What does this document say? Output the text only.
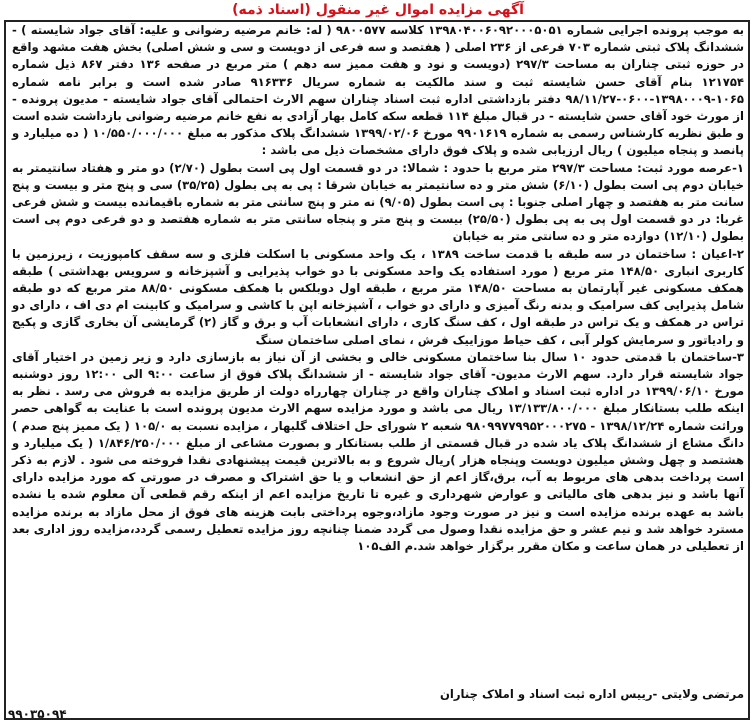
آگهی مزایده اموال غیر منقول (اسناد ذمه)

به موجب پرونده اجرایی شماره ۱۳۹۸۰۴۰۰۶۰۹۲۰۰۰۵۰۵۱ کلاسه ۹۸۰۰۵۷۷ ( له: خانم مرضیه رضوانی و علیه: آقای جواد شایسته ) - ششدانگ پلاک ثبتی شماره ۷۰۳ فرعی از ۲۳۶ اصلی ( هفتصد و سه فرعی از دویست و سی و شش اصلی) بخش هفت مشهد واقع در حوزه ثبتی چناران به مساحت ۲۹۷/۳ (دویست و نود و هفت ممیز سه دهم ) متر مربع در صفحه ۱۳۶ دفتر ۸۶۷ ذیل شماره ۱۲۱۷۵۴ بنام آقای حسن شایسته ثبت و سند مالکیت به شماره سریال ۹۱۶۳۳۶ صادر شده است و برابر نامه شماره ۱۰۶۵-۱۳۹۸۰۰۰۹-۰۶۰۰-۹۸/۱۱/۲۷ دفتر بازداشتی اداره ثبت اسناد چناران سهم الارث احتمالی آقای جواد شایسته - مدیون پرونده - از مورث خود آقای حسن شایسته - در قبال مبلغ ۱۱۴ قطعه سکه کامل بهار آزادی به نفع خانم مرضیه رضوانی بازداشت شده است و طبق نظریه کارشناس رسمی به شماره ۹۹۰۱۶۱۹ مورخ ۱۳۹۹/۰۲/۰۶ ششدانگ پلاک مذکور به مبلغ ۱۰/۵۵۰/۰۰۰/۰۰۰ ( ده میلیارد و پانصد و پنجاه میلیون ) ریال ارزیابی شده و پلاک فوق دارای مشخصات ذیل می باشد :

۱-عرصه مورد ثبت: مساحت ۲۹۷/۳ متر مربع با حدود : شمالا: در دو قسمت اول پی است بطول (۲/۷۰) دو متر و هفتاد سانتیمتر به خیابان دوم پی است بطول (۶/۱۰) شش متر و ده سانتیمتر به خیابان شرقا : پی به پی بطول (۳۵/۲۵) سی و پنج متر و بیست و پنج سانت متر به هفتصد و چهار اصلی جنوبا : پی است بطول (۹/۰۵) نه متر و پنج سانتی متر به شماره باقیمانده بیست و شش فرعی غربا: در دو قسمت اول پی به پی بطول (۲۵/۵۰) بیست و پنج متر و پنجاه سانتی متر به شماره هفتصد و دو فرعی دوم پی است بطول (۱۲/۱۰) دوازده متر و ده سانتی متر به خیابان

۲-اعیان : ساختمان در سه طبقه با قدمت ساخت ۱۳۸۹ ، یک واحد مسکونی با اسکلت فلزی و سه سقف کامپوزیت ، زیرزمین با کاربری انباری ۱۴۸/۵۰ متر مربع ( مورد استفاده یک واحد مسکونی با دو خواب پذیرایی و آشپزخانه و سرویس بهداشتی ) طبقه همکف مسکونی غیر آپارتمان به مساحت ۱۴۸/۵۰ متر مربع ، طبقه اول دوبلکس با همکف مسکونی ۸۸/۵۰ متر مربع که دو طبقه شامل پذیرایی کف سرامیک و بدنه رنگ آمیزی و دارای دو خواب ، آشپزخانه اپن با کاشی و سرامیک و کابینت ام دی اف ، دارای دو تراس در همکف و یک تراس در طبقه اول ، کف سنگ کاری ، دارای انشعابات آب و برق و گاز (۲) گرمایشی آن بخاری گازی و پکیج و رادیاتور و سرمایش کولر آبی ، کف حیاط موزاییک فرش ، نمای اصلی ساختمان سنگ

۳-ساختمان با قدمتی حدود ۱۰ سال بنا ساختمان مسکونی خالی و بخشی از آن نیاز به بازسازی دارد و زیر زمین در اختیار آقای جواد شایسته قرار دارد. سهم الارث مدیون- آقای جواد شایسته - از ششدانگ پلاک فوق از ساعت ۹:۰۰ الی ۱۲:۰۰ روز دوشنبه مورخ ۱۳۹۹/۰۶/۱۰ در اداره ثبت اسناد و املاک چناران واقع در چناران چهارراه دولت از طریق مزایده به فروش می رسد . نظر به اینکه طلب بستانکار مبلغ ۱۳/۱۳۳/۸۰۰/۰۰۰ ریال می باشد و مورد مزایده سهم الارث مدیون پرونده است با عنایت به گواهی حصر وراثت شماره ۱۳۹۸/۱۲/۲۴ - ۹۸۰۹۹۷۷۹۹۵۲۰۰۰۲۷۵ شعبه ۲ شورای حل اختلاف گلبهار ، مزایده نسبت به ۱۰۵/۰ ( یک ممیز پنج صدم ) دانگ مشاع از ششدانگ پلاک یاد شده در قبال قسمتی از طلب بستانکار و بصورت مشاعی از مبلغ ۱/۸۴۶/۲۵۰/۰۰۰ ( یک میلیارد و هشتصد و چهل وشش میلیون دویست وپنجاه هزار )ریال شروع و به بالاترین قیمت پیشنهادی نقدا فروخته می شود . لازم به ذکر است پرداخت بدهی های مربوط به آب، برق،گاز اعم از حق انشعاب و یا حق اشتراک و مصرف در صورتی که مورد مزایده دارای آنها باشد و نیز بدهی های مالیاتی و عوارض شهرداری و غیره تا تاریخ مزایده اعم از اینکه رقم قطعی آن معلوم شده یا نشده باشد به عهده برنده مزایده است و نیز در صورت وجود مازاد،وجوه پرداختی بابت هزینه های فوق از محل مازاد به برنده مزایده مسترد خواهد شد و نیم عشر و حق مزایده نقدا وصول می گردد ضمنا چنانچه روز مزایده تعطیل رسمی گردد،مزایده روز اداری بعد از تعطیلی در همان ساعت و مکان مقرر برگزار خواهد شد.م الف۱۰۵

مرتضی ولایتی -رییس اداره ثبت اسناد و املاک چناران
۹۹۰۳۵۰۹۴
